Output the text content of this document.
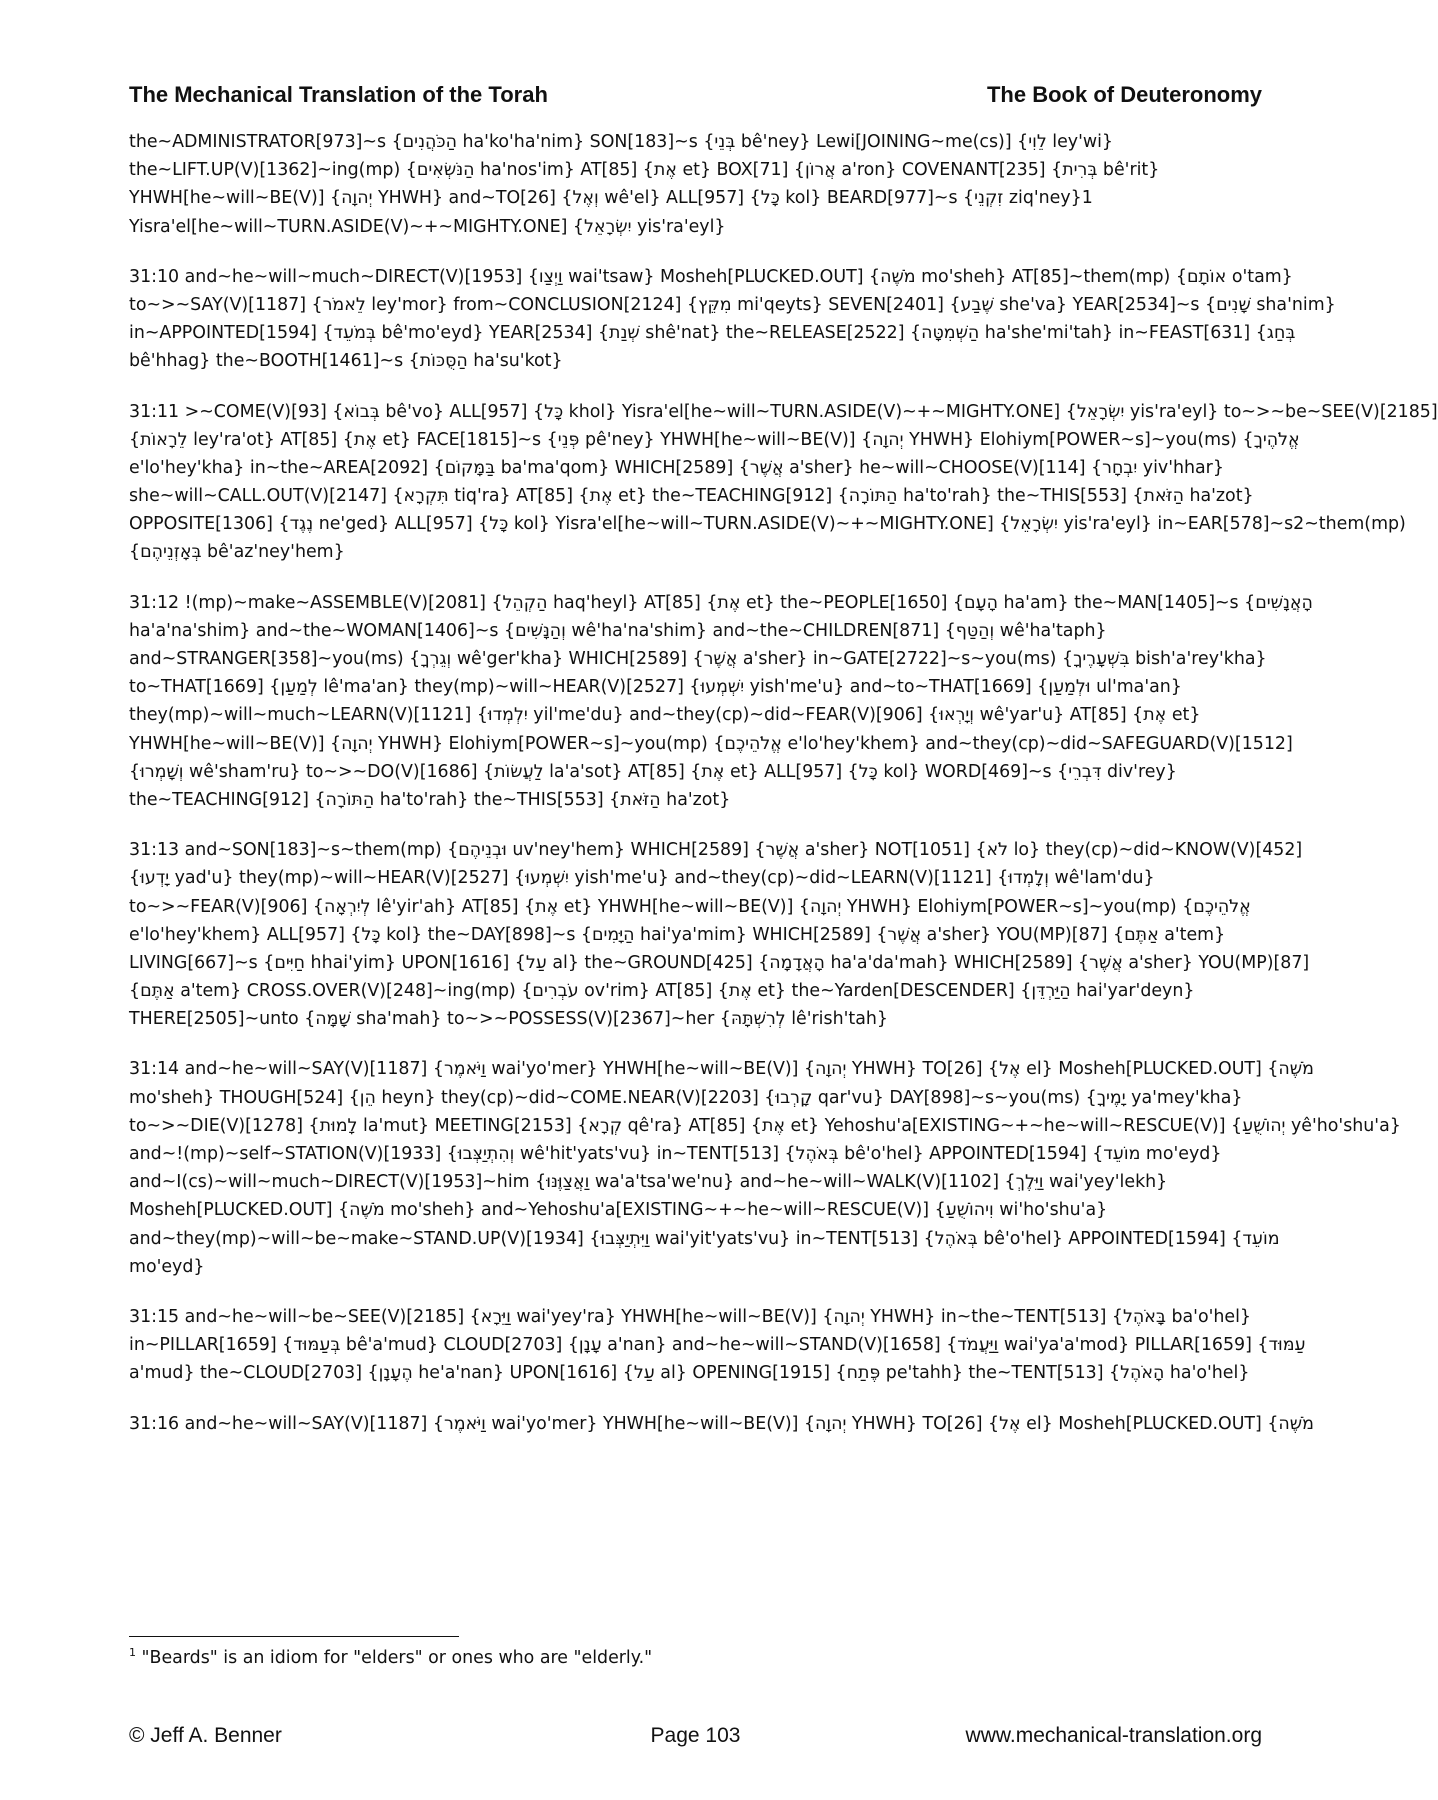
The Mechanical Translation of the Torah	The Book of Deuteronomy
the~ADMINISTRATOR[973]~s {הַכֹּהֲנִים ha'ko'ha'nim} SON[183]~s {בְּנֵי bê'ney} Lewi[JOINING~me(cs)] {לֵוִי ley'wi}
the~LIFT.UP(V)[1362]~ing(mp) {הַנֹּשְׂאִים ha'nos'im} AT[85] {אֶת et} BOX[71] {אֲרוֹן a'ron} COVENANT[235] {בְּרִית bê'rit}
YHWH[he~will~BE(V)] {יְהוָה YHWH} and~TO[26] {וְאֶל wê'el} ALL[957] {כָּל kol} BEARD[977]~s {זִקְנֵי ziq'ney}1
Yisra'el[he~will~TURN.ASIDE(V)~+~MIGHTY.ONE] {יִשְׂרָאֵל yis'ra'eyl}
31:10 and~he~will~much~DIRECT(V)[1953] {וַיְצַו wai'tsaw} Mosheh[PLUCKED.OUT] {מֹשֶׁה mo'sheh} AT[85]~them(mp) {אוֹתָם o'tam}
to~>~SAY(V)[1187] {לֵאמֹר ley'mor} from~CONCLUSION[2124] {מִקֵּץ mi'qeyts} SEVEN[2401] {שֶׁבַע she'va} YEAR[2534]~s {שָׁנִים sha'nim}
in~APPOINTED[1594] {בְּמֹעֵד bê'mo'eyd} YEAR[2534] {שְׁנַת shê'nat} the~RELEASE[2522] {הַשְּׁמִטָּה ha'she'mi'tah} in~FEAST[631] {בְּחַג
bê'hhag} the~BOOTH[1461]~s {הַסֻּכּוֹת ha'su'kot}
31:11 >~COME(V)[93] {בְּבוֹא bê'vo} ALL[957] {כָּל khol} Yisra'el[he~will~TURN.ASIDE(V)~+~MIGHTY.ONE] {יִשְׂרָאֵל yis'ra'eyl} to~>~be~SEE(V)[2185]
{לֵרָאוֹת ley'ra'ot} AT[85] {אֶת et} FACE[1815]~s {פְּנֵי pê'ney} YHWH[he~will~BE(V)] {יְהוָה YHWH} Elohiym[POWER~s]~you(ms) {אֱלֹהֶיךָ
e'lo'hey'kha} in~the~AREA[2092] {בַּמָּקוֹם ba'ma'qom} WHICH[2589] {אֲשֶׁר a'sher} he~will~CHOOSE(V)[114] {יִבְחָר yiv'hhar}
she~will~CALL.OUT(V)[2147] {תִּקְרָא tiq'ra} AT[85] {אֶת et} the~TEACHING[912] {הַתּוֹרָה ha'to'rah} the~THIS[553] {הַזֹּאת ha'zot}
OPPOSITE[1306] {נֶגֶד ne'ged} ALL[957] {כָּל kol} Yisra'el[he~will~TURN.ASIDE(V)~+~MIGHTY.ONE] {יִשְׂרָאֵל yis'ra'eyl} in~EAR[578]~s2~them(mp)
{בְּאָזְנֵיהֶם bê'az'ney'hem}
31:12 !(mp)~make~ASSEMBLE(V)[2081] {הַקְהֵל haq'heyl} AT[85] {אֶת et} the~PEOPLE[1650] {הָעָם ha'am} the~MAN[1405]~s {הָאֲנָשִׁים
ha'a'na'shim} and~the~WOMAN[1406]~s {וְהַנָּשִׁים wê'ha'na'shim} and~the~CHILDREN[871] {וְהַטַּף wê'ha'taph}
and~STRANGER[358]~you(ms) {וְגֵרְךָ wê'ger'kha} WHICH[2589] {אֲשֶׁר a'sher} in~GATE[2722]~s~you(ms) {בִּשְׁעָרֶיךָ bish'a'rey'kha}
to~THAT[1669] {לְמַעַן lê'ma'an} they(mp)~will~HEAR(V)[2527] {יִשְׁמְעוּ yish'me'u} and~to~THAT[1669] {וּלְמַעַן ul'ma'an}
they(mp)~will~much~LEARN(V)[1121] {יִלְמְדוּ yil'me'du} and~they(cp)~did~FEAR(V)[906] {וְיָרְאוּ wê'yar'u} AT[85] {אֶת et}
YHWH[he~will~BE(V)] {יְהוָה YHWH} Elohiym[POWER~s]~you(mp) {אֱלֹהֵיכֶם e'lo'hey'khem} and~they(cp)~did~SAFEGUARD(V)[1512]
{וְשָׁמְרוּ wê'sham'ru} to~>~DO(V)[1686] {לַעֲשׂוֹת la'a'sot} AT[85] {אֶת et} ALL[957] {כָּל kol} WORD[469]~s {דִּבְרֵי div'rey}
the~TEACHING[912] {הַתּוֹרָה ha'to'rah} the~THIS[553] {הַזֹּאת ha'zot}
31:13 and~SON[183]~s~them(mp) {וּבְנֵיהֶם uv'ney'hem} WHICH[2589] {אֲשֶׁר a'sher} NOT[1051] {לֹא lo} they(cp)~did~KNOW(V)[452]
{יָדְעוּ yad'u} they(mp)~will~HEAR(V)[2527] {יִשְׁמְעוּ yish'me'u} and~they(cp)~did~LEARN(V)[1121] {וְלָמְדוּ wê'lam'du}
to~>~FEAR(V)[906] {לְיִרְאָה lê'yir'ah} AT[85] {אֶת et} YHWH[he~will~BE(V)] {יְהוָה YHWH} Elohiym[POWER~s]~you(mp) {אֱלֹהֵיכֶם
e'lo'hey'khem} ALL[957] {כָּל kol} the~DAY[898]~s {הַיָּמִים hai'ya'mim} WHICH[2589] {אֲשֶׁר a'sher} YOU(MP)[87] {אַתֶּם a'tem}
LIVING[667]~s {חַיִּים hhai'yim} UPON[1616] {עַל al} the~GROUND[425] {הָאֲדָמָה ha'a'da'mah} WHICH[2589] {אֲשֶׁר a'sher} YOU(MP)[87]
{אַתֶּם a'tem} CROSS.OVER(V)[248]~ing(mp) {עֹבְרִים ov'rim} AT[85] {אֶת et} the~Yarden[DESCENDER] {הַיַּרְדֵּן hai'yar'deyn}
THERE[2505]~unto {שָׁמָּה sha'mah} to~>~POSSESS(V)[2367]~her {לְרִשְׁתָּהּ lê'rish'tah}
31:14 and~he~will~SAY(V)[1187] {וַיֹּאמֶר wai'yo'mer} YHWH[he~will~BE(V)] {יְהוָה YHWH} TO[26] {אֶל el} Mosheh[PLUCKED.OUT] {מֹשֶׁה
mo'sheh} THOUGH[524] {הֵן heyn} they(cp)~did~COME.NEAR(V)[2203] {קָרְבוּ qar'vu} DAY[898]~s~you(ms) {יָמֶיךָ ya'mey'kha}
to~>~DIE(V)[1278] {לָמוּת la'mut} MEETING[2153] {קְרָא qê'ra} AT[85] {אֶת et} Yehoshu'a[EXISTING~+~he~will~RESCUE(V)] {יְהוֹשֻׁעַ yê'ho'shu'a}
and~!(mp)~self~STATION(V)[1933] {וְהִתְיַצְּבוּ wê'hit'yats'vu} in~TENT[513] {בְּאֹהֶל bê'o'hel} APPOINTED[1594] {מוֹעֵד mo'eyd}
and~I(cs)~will~much~DIRECT(V)[1953]~him {וַאֲצַוֶּנּוּ wa'a'tsa'we'nu} and~he~will~WALK(V)[1102] {וַיֵּלֶךְ wai'yey'lekh}
Mosheh[PLUCKED.OUT] {מֹשֶׁה mo'sheh} and~Yehoshu'a[EXISTING~+~he~will~RESCUE(V)] {וִיהוֹשֻׁעַ wi'ho'shu'a}
and~they(mp)~will~be~make~STAND.UP(V)[1934] {וַיִּתְיַצְּבוּ wai'yit'yats'vu} in~TENT[513] {בְּאֹהֶל bê'o'hel} APPOINTED[1594] {מוֹעֵד
mo'eyd}
31:15 and~he~will~be~SEE(V)[2185] {וַיֵּרָא wai'yey'ra} YHWH[he~will~BE(V)] {יְהוָה YHWH} in~the~TENT[513] {בָּאֹהֶל ba'o'hel}
in~PILLAR[1659] {בְּעַמּוּד bê'a'mud} CLOUD[2703] {עָנָן a'nan} and~he~will~STAND(V)[1658] {וַיַּעֲמֹד wai'ya'a'mod} PILLAR[1659] {עַמּוּד
a'mud} the~CLOUD[2703] {הֶעָנָן he'a'nan} UPON[1616] {עַל al} OPENING[1915] {פֶּתַח pe'tahh} the~TENT[513] {הָאֹהֶל ha'o'hel}
31:16 and~he~will~SAY(V)[1187] {וַיֹּאמֶר wai'yo'mer} YHWH[he~will~BE(V)] {יְהוָה YHWH} TO[26] {אֶל el} Mosheh[PLUCKED.OUT] {מֹשֶׁה
$^1$ "Beards" is an idiom for "elders" or ones who are "elderly."
© Jeff A. Benner	Page 103	www.mechanical-translation.org
